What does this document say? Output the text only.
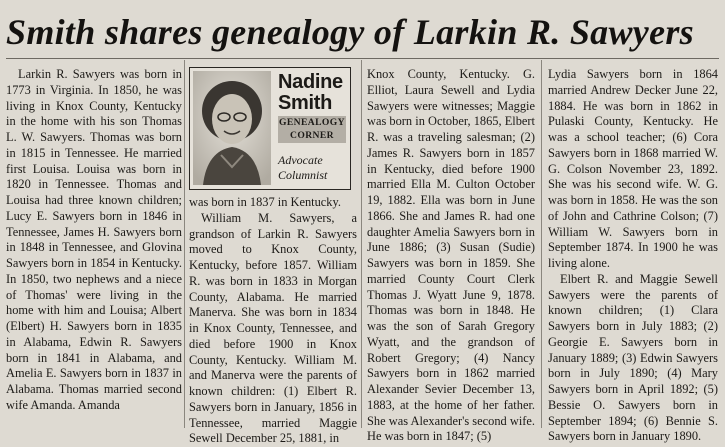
Smith shares genealogy of Larkin R. Sawyers

Larkin R. Sawyers was born in 1773 in Virginia. In 1850, he was living in Knox County, Kentucky in the home with his son Thomas L. W. Sawyers. Thomas was born in 1815 in Tennessee. He married first Louisa. Louisa was born in 1820 in Tennessee. Thomas and Louisa had three known children; Lucy E. Sawyers born in 1846 in Tennessee, James H. Sawyers born in 1848 in Tennessee, and Glovina Sawyers born in 1854 in Kentucky. In 1850, two nephews and a niece of Thomas' were living in the home with him and Louisa; Albert (Elbert) H. Sawyers born in 1835 in Alabama, Edwin R. Sawyers born in 1841 in Alabama, and Amelia E. Sawyers born in 1837 in Alabama. Thomas married second wife Amanda. Amanda

Nadine
Smith
GENEALOGY
CORNER
Advocate
Columnist

was born in 1837 in Kentucky.

William M. Sawyers, a grandson of Larkin R. Sawyers moved to Knox County, Kentucky, before 1857. William R. was born in 1833 in Morgan County, Alabama. He married Manerva. She was born in 1834 in Knox County, Tennessee, and died before 1900 in Knox County, Kentucky. William M. and Manerva were the parents of known children: (1) Elbert R. Sawyers born in January, 1856 in Tennessee, married Maggie Sewell December 25, 1881, in

Knox County, Kentucky. G. Elliot, Laura Sewell and Lydia Sawyers were witnesses; Maggie was born in October, 1865, Elbert R. was a traveling salesman; (2) James R. Sawyers born in 1857 in Kentucky, died before 1900 married Ella M. Culton October 19, 1882. Ella was born in June 1866. She and James R. had one daughter Amelia Sawyers born in June 1886; (3) Susan (Sudie) Sawyers was born in 1859. She married County Court Clerk Thomas J. Wyatt June 9, 1878. Thomas was born in 1848. He was the son of Sarah Gregory Wyatt, and the grandson of Robert Gregory; (4) Nancy Sawyers born in 1862 married Alexander Sevier December 13, 1883, at the home of her father. She was Alexander's second wife. He was born in 1847; (5)

Lydia Sawyers born in 1864 married Andrew Decker June 22, 1884. He was born in 1862 in Pulaski County, Kentucky. He was a school teacher; (6) Cora Sawyers born in 1868 married W. G. Colson November 23, 1892. She was his second wife. W. G. was born in 1858. He was the son of John and Cathrine Colson; (7) William W. Sawyers born in September 1874. In 1900 he was living alone.

Elbert R. and Maggie Sewell Sawyers were the parents of known children; (1) Clara Sawyers born in July 1883; (2) Georgie E. Sawyers born in January 1889; (3) Edwin Sawyers born in July 1890; (4) Mary Sawyers born in April 1892; (5) Bessie O. Sawyers born in September 1894; (6) Bennie S. Sawyers born in January 1890.
